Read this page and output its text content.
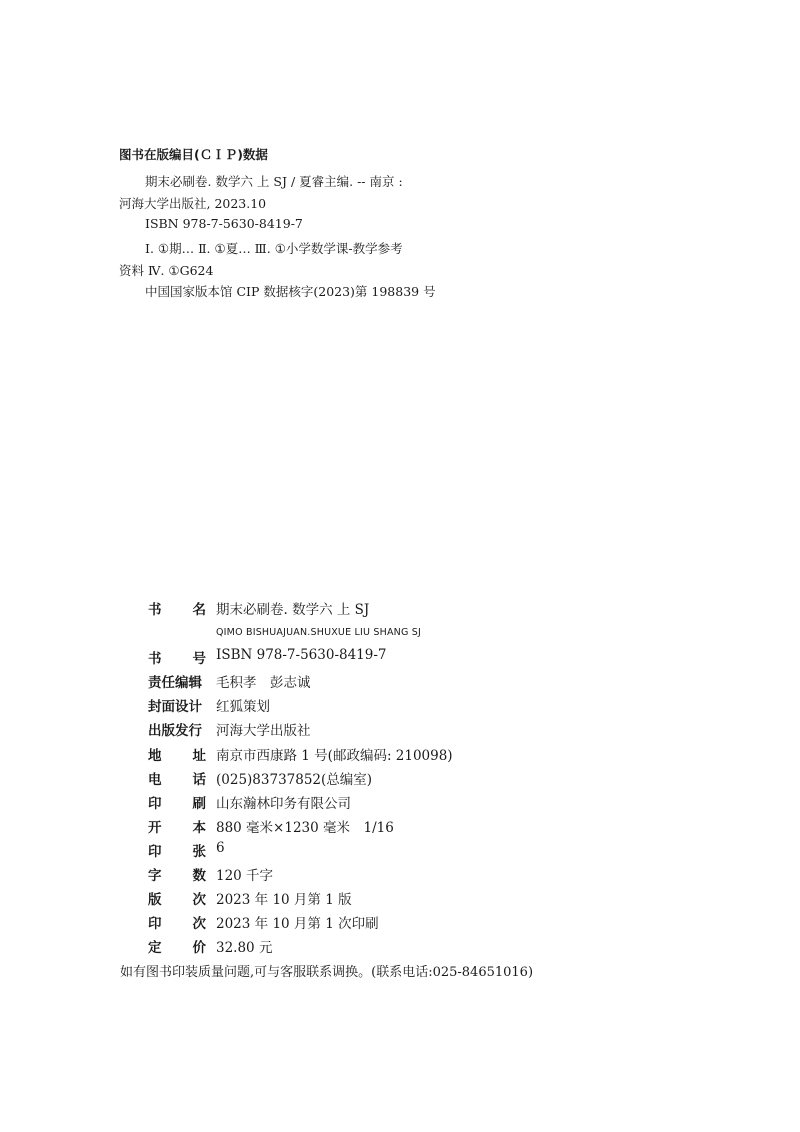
图书在版编目(ＣＩＰ)数据
期末必刷卷. 数学六 上 SJ / 夏睿主编. -- 南京 :
河海大学出版社, 2023.10
ISBN 978-7-5630-8419-7
Ⅰ. ①期… Ⅱ. ①夏… Ⅲ. ①小学数学课-教学参考
资料 Ⅳ. ①G624
中国国家版本馆 CIP 数据核字(2023)第 198839 号
书 名 期末必刷卷. 数学六 上 SJ
QIMO BISHUAJUAN.SHUXUE LIU SHANG SJ
书 号 ISBN 978-7-5630-8419-7
责任编辑 毛积孝　彭志诚
封面设计 红狐策划
出版发行 河海大学出版社
地 址 南京市西康路 1 号(邮政编码: 210098)
电 话 (025)83737852(总编室)
印 刷 山东瀚林印务有限公司
开 本 880 毫米×1230 毫米　1/16
印 张 6
字 数 120 千字
版 次 2023 年 10 月第 1 版
印 次 2023 年 10 月第 1 次印刷
定 价 32.80 元
如有图书印装质量问题,可与客服联系调换。(联系电话:025-84651016)
